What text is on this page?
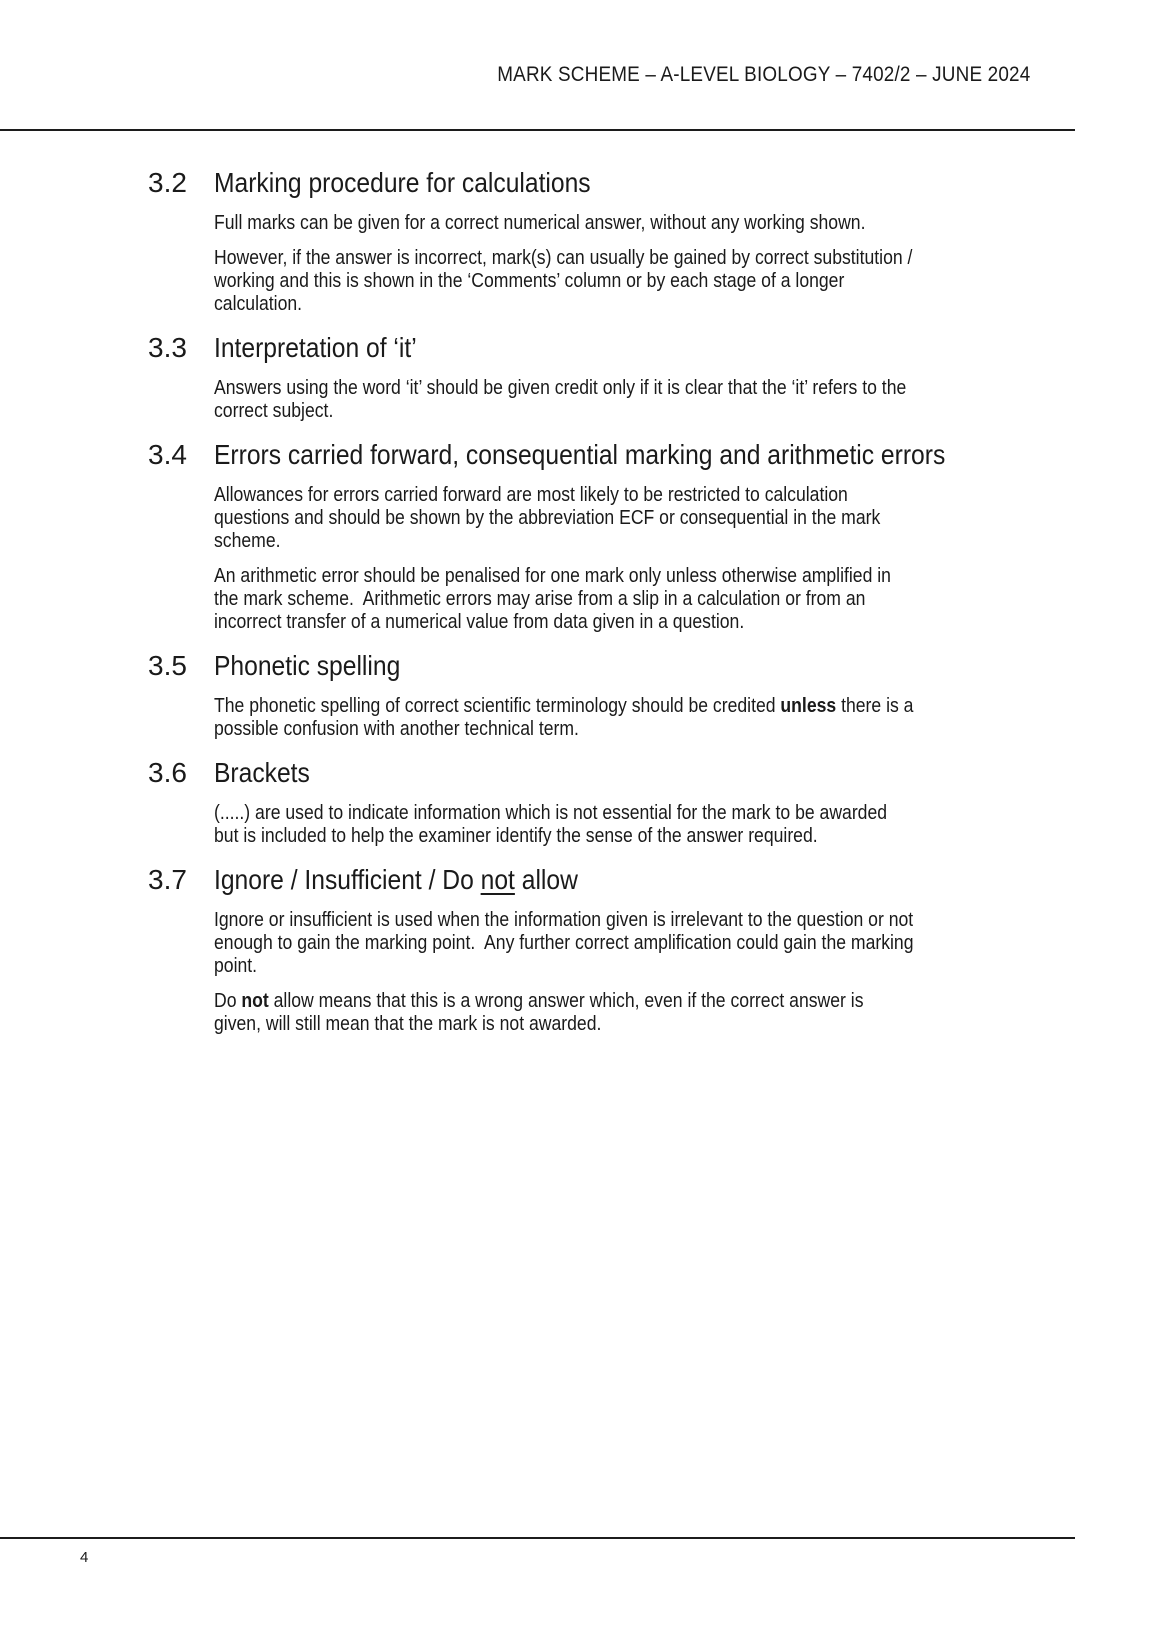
MARK SCHEME – A-LEVEL BIOLOGY – 7402/2 – JUNE 2024
3.2 Marking procedure for calculations

Full marks can be given for a correct numerical answer, without any working shown.

However, if the answer is incorrect, mark(s) can usually be gained by correct substitution /
working and this is shown in the ‘Comments’ column or by each stage of a longer
calculation.

3.3 Interpretation of ‘it’

Answers using the word ‘it’ should be given credit only if it is clear that the ‘it’ refers to the
correct subject.

3.4 Errors carried forward, consequential marking and arithmetic errors

Allowances for errors carried forward are most likely to be restricted to calculation
questions and should be shown by the abbreviation ECF or consequential in the mark
scheme.

An arithmetic error should be penalised for one mark only unless otherwise amplified in
the mark scheme.  Arithmetic errors may arise from a slip in a calculation or from an
incorrect transfer of a numerical value from data given in a question.

3.5 Phonetic spelling

The phonetic spelling of correct scientific terminology should be credited unless there is a
possible confusion with another technical term.

3.6 Brackets

(.....) are used to indicate information which is not essential for the mark to be awarded
but is included to help the examiner identify the sense of the answer required.

3.7 Ignore / Insufficient / Do not allow

Ignore or insufficient is used when the information given is irrelevant to the question or not
enough to gain the marking point.  Any further correct amplification could gain the marking
point.

Do not allow means that this is a wrong answer which, even if the correct answer is
given, will still mean that the mark is not awarded.

4
